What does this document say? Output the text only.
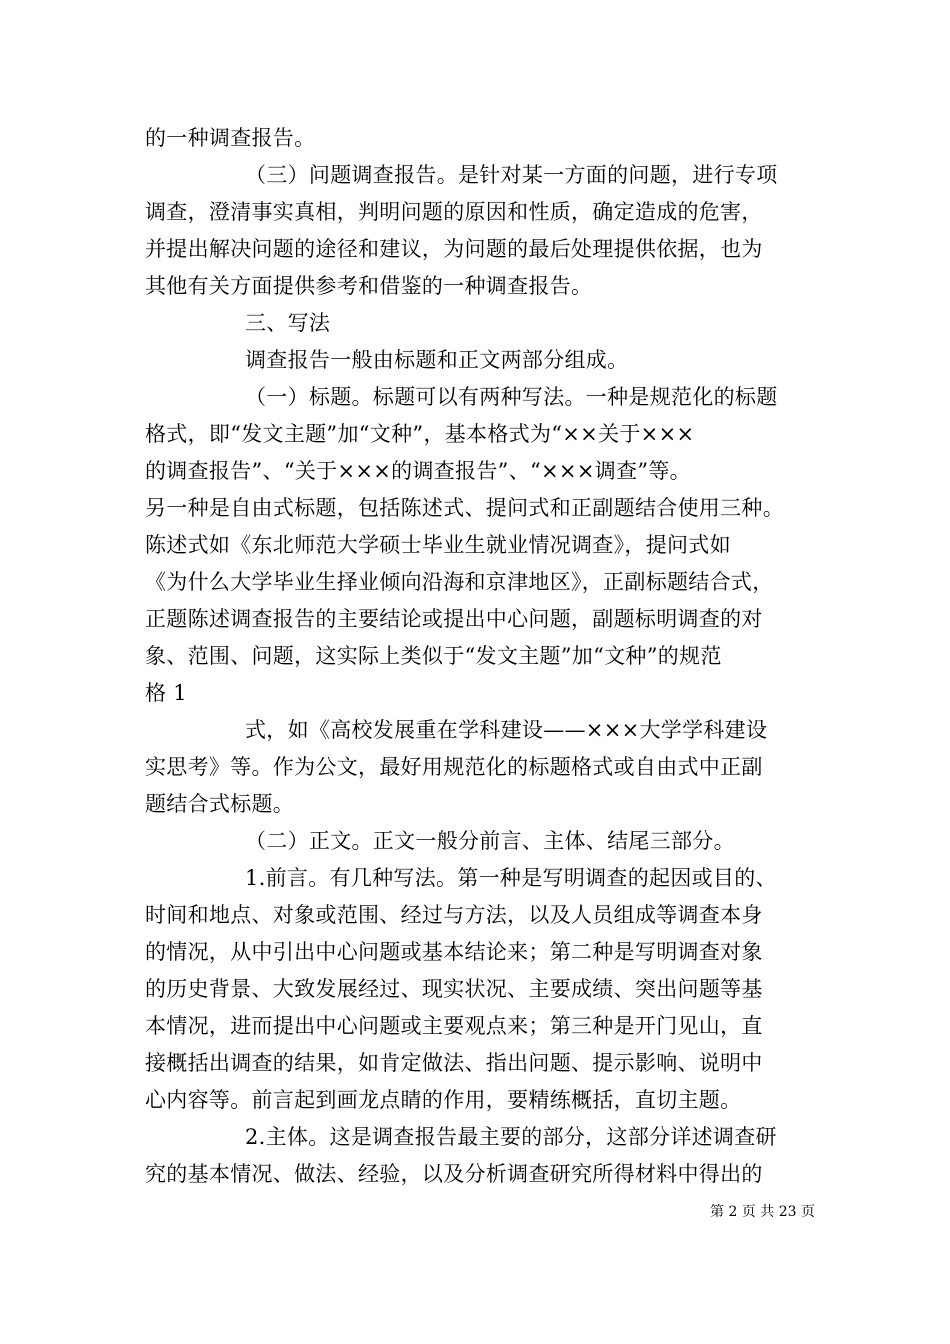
的一种调查报告。
（三）问题调查报告。是针对某一方面的问题，进行专项
调查，澄清事实真相，判明问题的原因和性质，确定造成的危害，
并提出解决问题的途径和建议，为问题的最后处理提供依据，也为
其他有关方面提供参考和借鉴的一种调查报告。
三、写法
调查报告一般由标题和正文两部分组成。
（一）标题。标题可以有两种写法。一种是规范化的标题
格式，即“发文主题”加“文种”，基本格式为“××关于×××
的调查报告”、“关于×××的调查报告”、“×××调查”等。
另一种是自由式标题，包括陈述式、提问式和正副题结合使用三种。
陈述式如《东北师范大学硕士毕业生就业情况调查》，提问式如
《为什么大学毕业生择业倾向沿海和京津地区》，正副标题结合式，
正题陈述调查报告的主要结论或提出中心问题，副题标明调查的对
象、范围、问题，这实际上类似于“发文主题”加“文种”的规范
格 1
式，如《高校发展重在学科建设——×××大学学科建设
实思考》等。作为公文，最好用规范化的标题格式或自由式中正副
题结合式标题。
（二）正文。正文一般分前言、主体、结尾三部分。
1.前言。有几种写法。第一种是写明调查的起因或目的、
时间和地点、对象或范围、经过与方法，以及人员组成等调查本身
的情况，从中引出中心问题或基本结论来；第二种是写明调查对象
的历史背景、大致发展经过、现实状况、主要成绩、突出问题等基
本情况，进而提出中心问题或主要观点来；第三种是开门见山，直
接概括出调查的结果，如肯定做法、指出问题、提示影响、说明中
心内容等。前言起到画龙点睛的作用，要精练概括，直切主题。
2.主体。这是调查报告最主要的部分，这部分详述调查研
究的基本情况、做法、经验，以及分析调查研究所得材料中得出的
第 2 页 共 23 页
